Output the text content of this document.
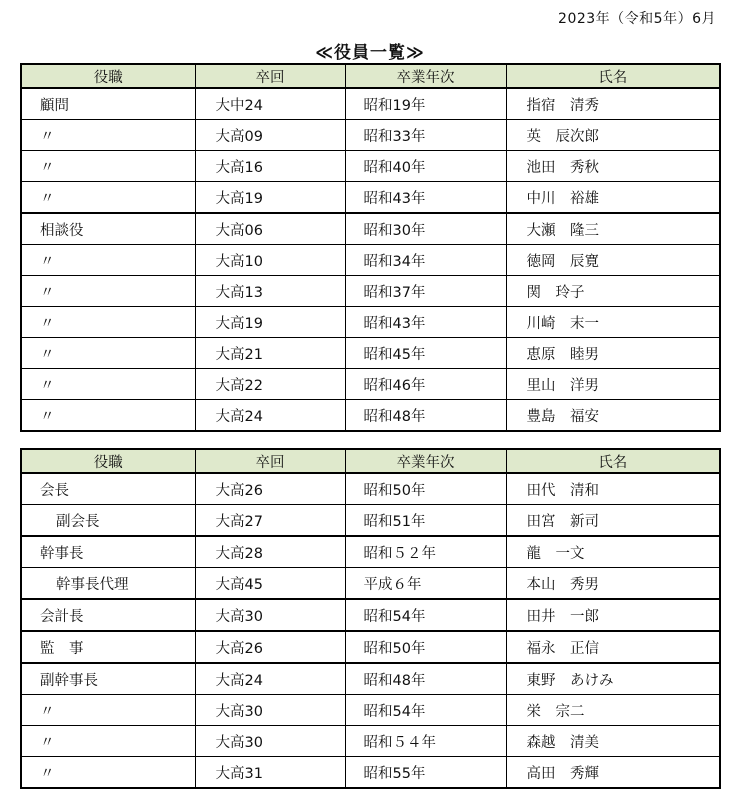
2023年（令和5年）6月
≪役員一覧≫
役職	卒回	卒業年次	氏名
顧問	大中24	昭和19年	指宿　清秀
〃	大高09	昭和33年	英　辰次郎
〃	大高16	昭和40年	池田　秀秋
〃	大高19	昭和43年	中川　裕雄
相談役	大高06	昭和30年	大瀬　隆三
〃	大高10	昭和34年	徳岡　辰寛
〃	大高13	昭和37年	関　玲子
〃	大高19	昭和43年	川崎　末一
〃	大高21	昭和45年	恵原　睦男
〃	大高22	昭和46年	里山　洋男
〃	大高24	昭和48年	豊島　福安
役職	卒回	卒業年次	氏名
会長	大高26	昭和50年	田代　清和
副会長	大高27	昭和51年	田宮　新司
幹事長	大高28	昭和５２年	龍　一文
幹事長代理	大高45	平成６年	本山　秀男
会計長	大高30	昭和54年	田井　一郎
監　事	大高26	昭和50年	福永　正信
副幹事長	大高24	昭和48年	東野　あけみ
〃	大高30	昭和54年	栄　宗二
〃	大高30	昭和５４年	森越　清美
〃	大高31	昭和55年	高田　秀輝
